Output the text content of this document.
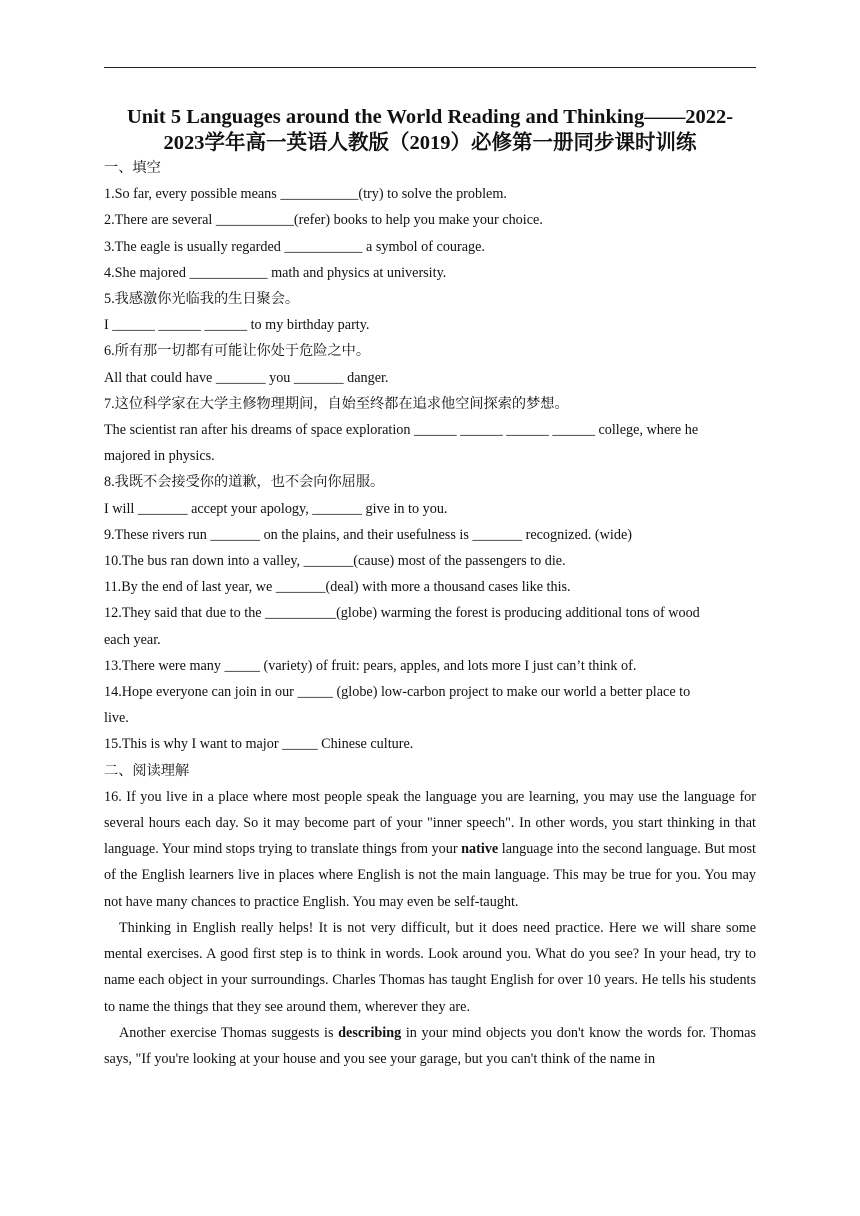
Unit 5 Languages around the World Reading and Thinking——2022-
2023学年高一英语人教版（2019）必修第一册同步课时训练
一、填空
1.So far, every possible means ___________(try) to solve the problem.
2.There are several ___________(refer) books to help you make your choice.
3.The eagle is usually regarded ___________ a symbol of courage.
4.She majored ___________ math and physics at university.
5.我感激你光临我的生日聚会。
I ______ ______ ______ to my birthday party.
6.所有那一切都有可能让你处于危险之中。
All that could have _______ you _______ danger.
7.这位科学家在大学主修物理期间，自始至终都在追求他空间探索的梦想。
The scientist ran after his dreams of space exploration ______ ______ ______ ______ college, where he
majored in physics.
8.我既不会接受你的道歉，也不会向你屈服。
I will _______ accept your apology, _______ give in to you.
9.These rivers run _______ on the plains, and their usefulness is _______ recognized. (wide)
10.The bus ran down into a valley, _______(cause) most of the passengers to die.
11.By the end of last year, we _______(deal) with more a thousand cases like this.
12.They said that due to the __________(globe) warming the forest is producing additional tons of wood
each year.
13.There were many _____ (variety) of fruit: pears, apples, and lots more I just can’t think of.
14.Hope everyone can join in our _____ (globe) low-carbon project to make our world a better place to
live.
15.This is why I want to major _____ Chinese culture.
二、阅读理解
16. If you live in a place where most people speak the language you are learning, you may use the language for several hours each day. So it may become part of your "inner speech". In other words, you start thinking in that language. Your mind stops trying to translate things from your native language into the second language. But most of the English learners live in places where English is not the main language. This may be true for you. You may not have many chances to practice English. You may even be self-taught.
Thinking in English really helps! It is not very difficult, but it does need practice. Here we will share some mental exercises. A good first step is to think in words. Look around you. What do you see? In your head, try to name each object in your surroundings. Charles Thomas has taught English for over 10 years. He tells his students to name the things that they see around them, wherever they are.
Another exercise Thomas suggests is describing in your mind objects you don't know the words for. Thomas says, "If you're looking at your house and you see your garage, but you can't think of the name in
